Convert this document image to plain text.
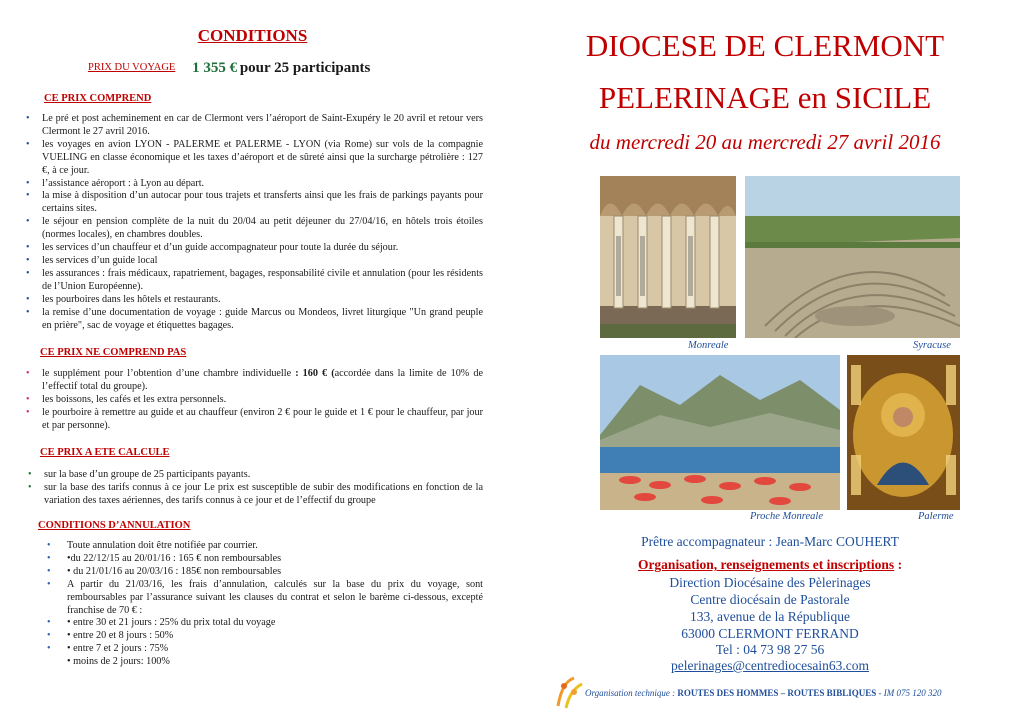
CONDITIONS
PRIX DU VOYAGE 1 355 € pour 25 participants
CE PRIX COMPREND
• Le pré et post acheminement en car de Clermont vers l’aéroport de Saint-Exupéry le 20 avril et retour vers Clermont le 27 avril 2016.
• les voyages en avion LYON - PALERME et PALERME - LYON (via Rome) sur vols de la compagnie VUELING en classe économique et les taxes d’aéroport et de sûreté ainsi que la surcharge pétrolière : 127 €, à ce jour.
• l’assistance aéroport : à Lyon au départ.
• la mise à disposition d’un autocar pour tous trajets et transferts ainsi que les frais de parkings payants pour certains sites.
• le séjour en pension complète de la nuit du 20/04 au petit déjeuner du 27/04/16, en hôtels trois étoiles (normes locales), en chambres doubles.
• les services d’un chauffeur et d’un guide accompagnateur pour toute la durée du séjour.
• les services d’un guide local
• les assurances : frais médicaux, rapatriement, bagages, responsabilité civile et annulation (pour les résidents de l’Union Européenne).
• les pourboires dans les hôtels et restaurants.
• la remise d’une documentation de voyage : guide Marcus ou Mondeos, livret liturgique "Un grand peuple en prière", sac de voyage et étiquettes bagages.
CE PRIX NE COMPREND PAS
• le supplément pour l’obtention d’une chambre individuelle : 160 € (accordée dans la limite de 10% de l’effectif total du groupe).
• les boissons, les cafés et les extra personnels.
• le pourboire à remettre au guide et au chauffeur (environ 2 € pour le guide et 1 € pour le chauffeur, par jour et par personne).
CE PRIX A ETE CALCULE
• sur la base d’un groupe de 25 participants payants.
• sur la base des tarifs connus à ce jour Le prix est susceptible de subir des modifications en fonction de la variation des taxes aériennes, des tarifs connus à ce jour et de l’effectif du groupe
CONDITIONS D’ANNULATION
• Toute annulation doit être notifiée par courrier.
• •du 22/12/15 au 20/01/16 : 165 € non remboursables
• • du 21/01/16 au 20/03/16 : 185€ non remboursables
• A partir du 21/03/16, les frais d’annulation, calculés sur la base du prix du voyage, sont remboursables par l’assurance suivant les clauses du contrat et selon le barème ci-dessous, excepté franchise de 70 € :
• • entre 30 et 21 jours : 25% du prix total du voyage
• • entre 20 et 8 jours : 50%
• • entre 7 et 2 jours : 75%
• moins de 2 jours: 100%
DIOCESE DE CLERMONT
PELERINAGE en SICILE
du mercredi 20 au mercredi 27 avril 2016
Monreale	Syracuse
Proche Monreale	Palerme
Prêtre accompagnateur : Jean-Marc COUHERT
Organisation, renseignements et inscriptions :
Direction Diocésaine des Pèlerinages
Centre diocésain de Pastorale
133, avenue de la République
63000 CLERMONT FERRAND
Tel : 04 73 98 27 56
pelerinages@centrediocesain63.com
Organisation technique : ROUTES DES HOMMES – ROUTES BIBLIQUES - IM 075 120 320
